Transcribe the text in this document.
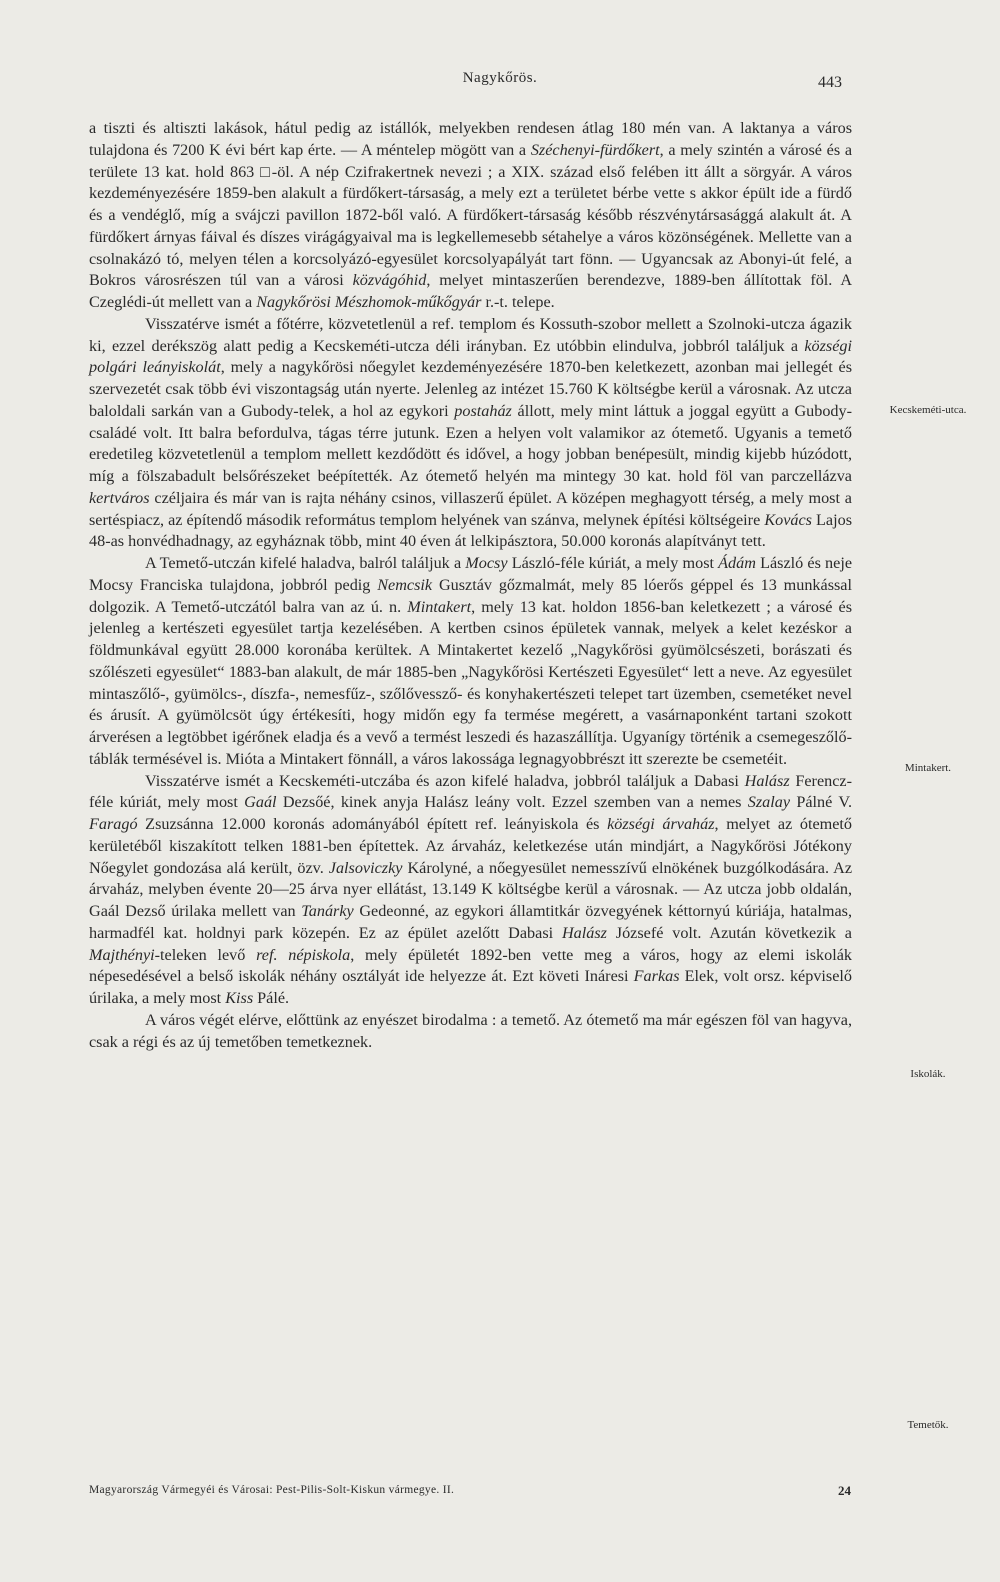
Nagykőrös.	443

a tiszti és altiszti lakások, hátul pedig az istállók, melyekben rendesen átlag 180 mén van. A laktanya a város tulajdona és 7200 K évi bért kap érte. — A méntelep mögött van a Széchenyi-fürdőkert, a mely szintén a városé és a területe 13 kat. hold 863 □-öl. A nép Czifrakertnek nevezi ; a XIX. század első felében itt állt a sörgyár. A város kezdeményezésére 1859-ben alakult a fürdőkert-társaság, a mely ezt a területet bérbe vette s akkor épült ide a fürdő és a vendéglő, míg a svájczi pavillon 1872-ből való. A fürdőkert-társaság később részvénytársasággá alakult át. A fürdőkert árnyas fáival és díszes virágágyaival ma is legkellemesebb sétahelye a város közönségének. Mellette van a csolnakázó tó, melyen télen a korcsolyázó-egyesület korcsolyapályát tart fönn. — Ugyancsak az Abonyi-út felé, a Bokros városrészen túl van a városi közvágóhid, melyet mintaszerűen berendezve, 1889-ben állítottak föl. A Czeglédi-út mellett van a Nagykőrösi Mészhomok-műkőgyár r.-t. telepe.

Visszatérve ismét a főtérre, közvetetlenül a ref. templom és Kossuth-szobor mellett a Szolnoki-utcza ágazik ki, ezzel derékszög alatt pedig a Kecskeméti-utcza déli irányban. Ez utóbbin elindulva, jobbról találjuk a községi polgári leányiskolát, mely a nagykőrösi nőegylet kezdeményezésére 1870-ben keletkezett, azonban mai jellegét és szervezetét csak több évi viszontagság után nyerte. Jelenleg az intézet 15.760 K költségbe kerül a városnak. Az utcza baloldali sarkán van a Gubody-telek, a hol az egykori postaház állott, mely mint láttuk a joggal együtt a Gubody-családé volt. Itt balra befordulva, tágas térre jutunk. Ezen a helyen volt valamikor az ótemető. Ugyanis a temető eredetileg közvetetlenül a templom mellett kezdődött és idővel, a hogy jobban benépesült, mindig kijebb húzódott, míg a fölszabadult belsőrészeket beépítették. Az ótemető helyén ma mintegy 30 kat. hold föl van parczellázva kertváros czéljaira és már van is rajta néhány csinos, villaszerű épület. A középen meghagyott térség, a mely most a sertéspiacz, az építendő második református templom helyének van szánva, melynek építési költségeire Kovács Lajos 48-as honvédhadnagy, az egyháznak több, mint 40 éven át lelkipásztora, 50.000 koronás alapítványt tett.

A Temető-utczán kifelé haladva, balról találjuk a Mocsy László-féle kúriát, a mely most Ádám László és neje Mocsy Franciska tulajdona, jobbról pedig Nemcsik Gusztáv gőzmalmát, mely 85 lóerős géppel és 13 munkással dolgozik. A Temető-utczától balra van az ú. n. Mintakert, mely 13 kat. holdon 1856-ban keletkezett ; a városé és jelenleg a kertészeti egyesület tartja kezelésében. A kertben csinos épületek vannak, melyek a kelet kezéskor a földmunkával együtt 28.000 koronába kerültek. A Mintakertet kezelő „Nagykőrösi gyümölcsészeti, borászati és szőlészeti egyesület“ 1883-ban alakult, de már 1885-ben „Nagykőrösi Kertészeti Egyesület“ lett a neve. Az egyesület mintaszőlő-, gyümölcs-, díszfa-, nemesfűz-, szőlővessző- és konyhakertészeti telepet tart üzemben, csemetéket nevel és árusít. A gyümölcsöt úgy értékesíti, hogy midőn egy fa termése megérett, a vasárnaponként tartani szokott árverésen a legtöbbet igérőnek eladja és a vevő a termést leszedi és hazaszállítja. Ugyanígy történik a csemegeszőlő-táblák termésével is. Mióta a Mintakert fönnáll, a város lakossága legnagyobbrészt itt szerezte be csemetéit.

Visszatérve ismét a Kecskeméti-utczába és azon kifelé haladva, jobbról találjuk a Dabasi Halász Ferencz-féle kúriát, mely most Gaál Dezsőé, kinek anyja Halász leány volt. Ezzel szemben van a nemes Szalay Pálné V. Faragó Zsuzsánna 12.000 koronás adományából épített ref. leányiskola és községi árvaház, melyet az ótemető kerületéből kiszakított telken 1881-ben építettek. Az árvaház, keletkezése után mindjárt, a Nagykőrösi Jótékony Nőegylet gondozása alá került, özv. Jalsoviczky Károlyné, a nőegyesület nemesszívű elnökének buzgólkodására. Az árvaház, melyben évente 20—25 árva nyer ellátást, 13.149 K költségbe kerül a városnak. — Az utcza jobb oldalán, Gaál Dezső úrilaka mellett van Tanárky Gedeonné, az egykori államtitkár özvegyének kéttornyú kúriája, hatalmas, harmadfél kat. holdnyi park közepén. Ez az épület azelőtt Dabasi Halász Józsefé volt. Azután következik a Majthényi-teleken levő ref. népiskola, mely épületét 1892-ben vette meg a város, hogy az elemi iskolák népesedésével a belső iskolák néhány osztályát ide helyezze át. Ezt követi Ináresi Farkas Elek, volt orsz. képviselő úrilaka, a mely most Kiss Pálé.

A város végét elérve, előttünk az enyészet birodalma : a temető. Az ótemető ma már egészen föl van hagyva, csak a régi és az új temetőben temetkeznek.

Kecskeméti-utca.
Mintakert.
Iskolák.
Temetők.
Magyarország Vármegyéi és Városai: Pest-Pilis-Solt-Kiskun vármegye. II.	24
